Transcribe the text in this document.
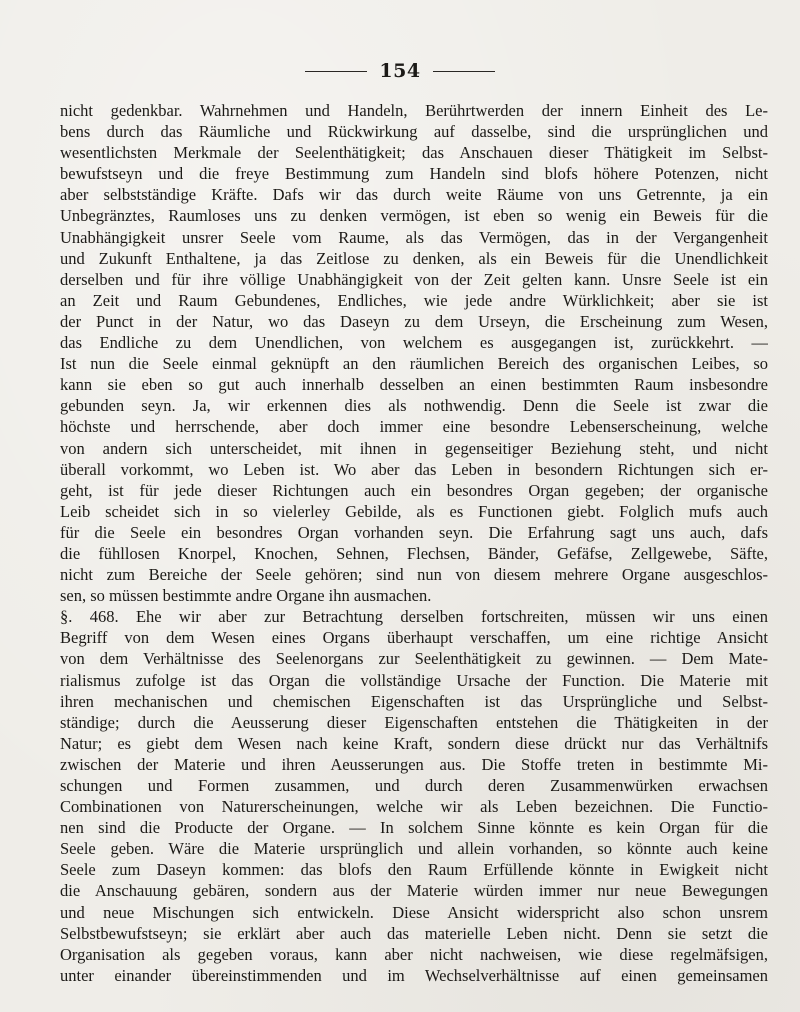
154
nicht gedenkbar. Wahrnehmen und Handeln, Berührtwerden der innern Einheit des Le-
bens durch das Räumliche und Rückwirkung auf dasselbe, sind die ursprünglichen und
wesentlichsten Merkmale der Seelenthätigkeit; das Anschauen dieser Thätigkeit im Selbst-
bewufstseyn und die freye Bestimmung zum Handeln sind blofs höhere Potenzen, nicht
aber selbstständige Kräfte. Dafs wir das durch weite Räume von uns Getrennte, ja ein
Unbegränztes, Raumloses uns zu denken vermögen, ist eben so wenig ein Beweis für die
Unabhängigkeit unsrer Seele vom Raume, als das Vermögen, das in der Vergangenheit
und Zukunft Enthaltene, ja das Zeitlose zu denken, als ein Beweis für die Unendlichkeit
derselben und für ihre völlige Unabhängigkeit von der Zeit gelten kann. Unsre Seele ist ein
an Zeit und Raum Gebundenes, Endliches, wie jede andre Würklichkeit; aber sie ist
der Punct in der Natur, wo das Daseyn zu dem Urseyn, die Erscheinung zum Wesen,
das Endliche zu dem Unendlichen, von welchem es ausgegangen ist, zurückkehrt. —
Ist nun die Seele einmal geknüpft an den räumlichen Bereich des organischen Leibes, so
kann sie eben so gut auch innerhalb desselben an einen bestimmten Raum insbesondre
gebunden seyn. Ja, wir erkennen dies als nothwendig. Denn die Seele ist zwar die
höchste und herrschende, aber doch immer eine besondre Lebenserscheinung, welche
von andern sich unterscheidet, mit ihnen in gegenseitiger Beziehung steht, und nicht
überall vorkommt, wo Leben ist. Wo aber das Leben in besondern Richtungen sich er-
geht, ist für jede dieser Richtungen auch ein besondres Organ gegeben; der organische
Leib scheidet sich in so vielerley Gebilde, als es Functionen giebt. Folglich mufs auch
für die Seele ein besondres Organ vorhanden seyn. Die Erfahrung sagt uns auch, dafs
die fühllosen Knorpel, Knochen, Sehnen, Flechsen, Bänder, Gefäfse, Zellgewebe, Säfte,
nicht zum Bereiche der Seele gehören; sind nun von diesem mehrere Organe ausgeschlos-
sen, so müssen bestimmte andre Organe ihn ausmachen.
§. 468. Ehe wir aber zur Betrachtung derselben fortschreiten, müssen wir uns einen
Begriff von dem Wesen eines Organs überhaupt verschaffen, um eine richtige Ansicht
von dem Verhältnisse des Seelenorgans zur Seelenthätigkeit zu gewinnen. — Dem Mate-
rialismus zufolge ist das Organ die vollständige Ursache der Function. Die Materie mit
ihren mechanischen und chemischen Eigenschaften ist das Ursprüngliche und Selbst-
ständige; durch die Aeusserung dieser Eigenschaften entstehen die Thätigkeiten in der
Natur; es giebt dem Wesen nach keine Kraft, sondern diese drückt nur das Verhältnifs
zwischen der Materie und ihren Aeusserungen aus. Die Stoffe treten in bestimmte Mi-
schungen und Formen zusammen, und durch deren Zusammenwürken erwachsen
Combinationen von Naturerscheinungen, welche wir als Leben bezeichnen. Die Functio-
nen sind die Producte der Organe. — In solchem Sinne könnte es kein Organ für die
Seele geben. Wäre die Materie ursprünglich und allein vorhanden, so könnte auch keine
Seele zum Daseyn kommen: das blofs den Raum Erfüllende könnte in Ewigkeit nicht
die Anschauung gebären, sondern aus der Materie würden immer nur neue Bewegungen
und neue Mischungen sich entwickeln. Diese Ansicht widerspricht also schon unsrem
Selbstbewufstseyn; sie erklärt aber auch das materielle Leben nicht. Denn sie setzt die
Organisation als gegeben voraus, kann aber nicht nachweisen, wie diese regelmäfsigen,
unter einander übereinstimmenden und im Wechselverhältnisse auf einen gemeinsamen
